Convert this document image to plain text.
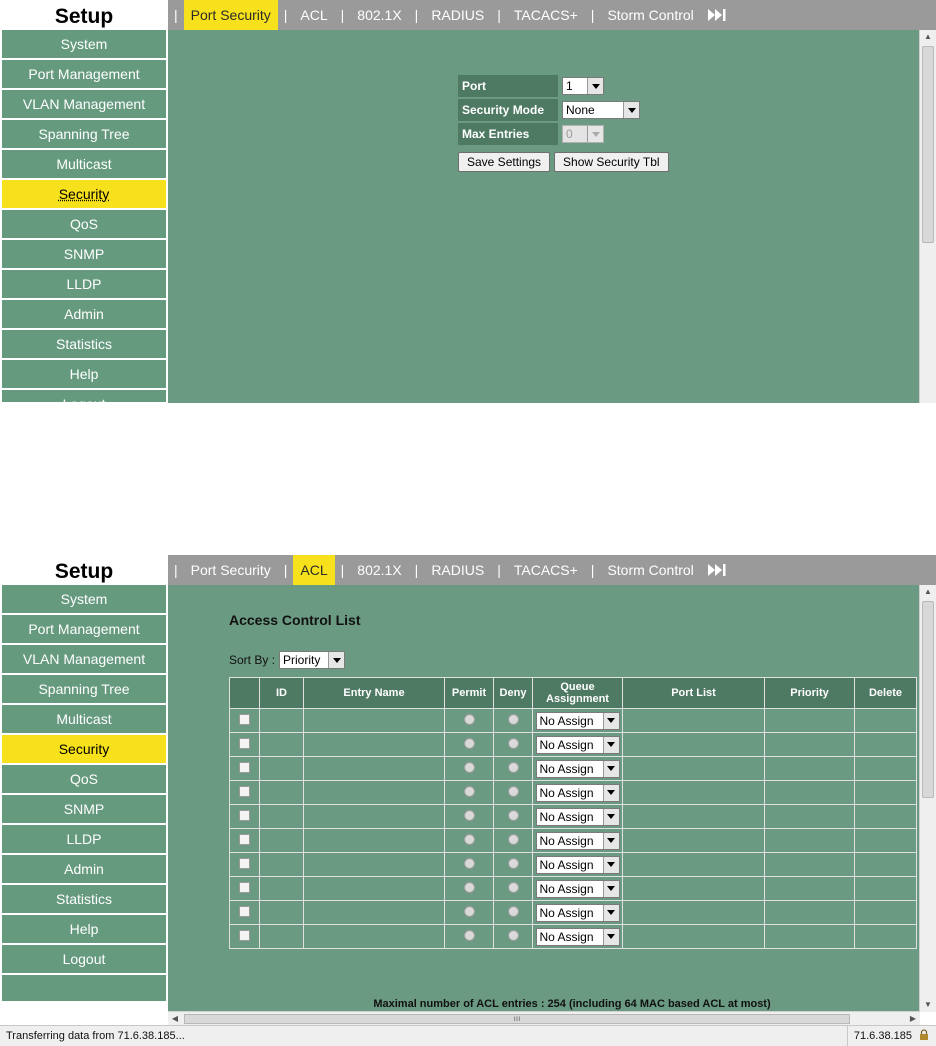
Setup
System
Port Management
VLAN Management
Spanning Tree
Multicast
Security
QoS
SNMP
LLDP
Admin
Statistics
Help
Logout
| Port Security | ACL | 802.1X | RADIUS | TACACS+ | Storm Control
Port	1
Security Mode	None
Max Entries	0
Save Settings	Show Security Tbl
▲
Setup
System
Port Management
VLAN Management
Spanning Tree
Multicast
Security
QoS
SNMP
LLDP
Admin
Statistics
Help
Logout
| Port Security | ACL | 802.1X | RADIUS | TACACS+ | Storm Control
Access Control List
Sort By : Priority
	ID	Entry Name	Permit	Deny	Queue Assignment	Port List	Priority	Delete

					No Assign			

					No Assign			

					No Assign			

					No Assign			

					No Assign			

					No Assign			

					No Assign			

					No Assign			

					No Assign			

					No Assign			

Maximal number of ACL entries : 254 (including 64 MAC based ACL at most)
▲
▼
◀	ııı	▶
Transferring data from 71.6.38.185...	71.6.38.185
